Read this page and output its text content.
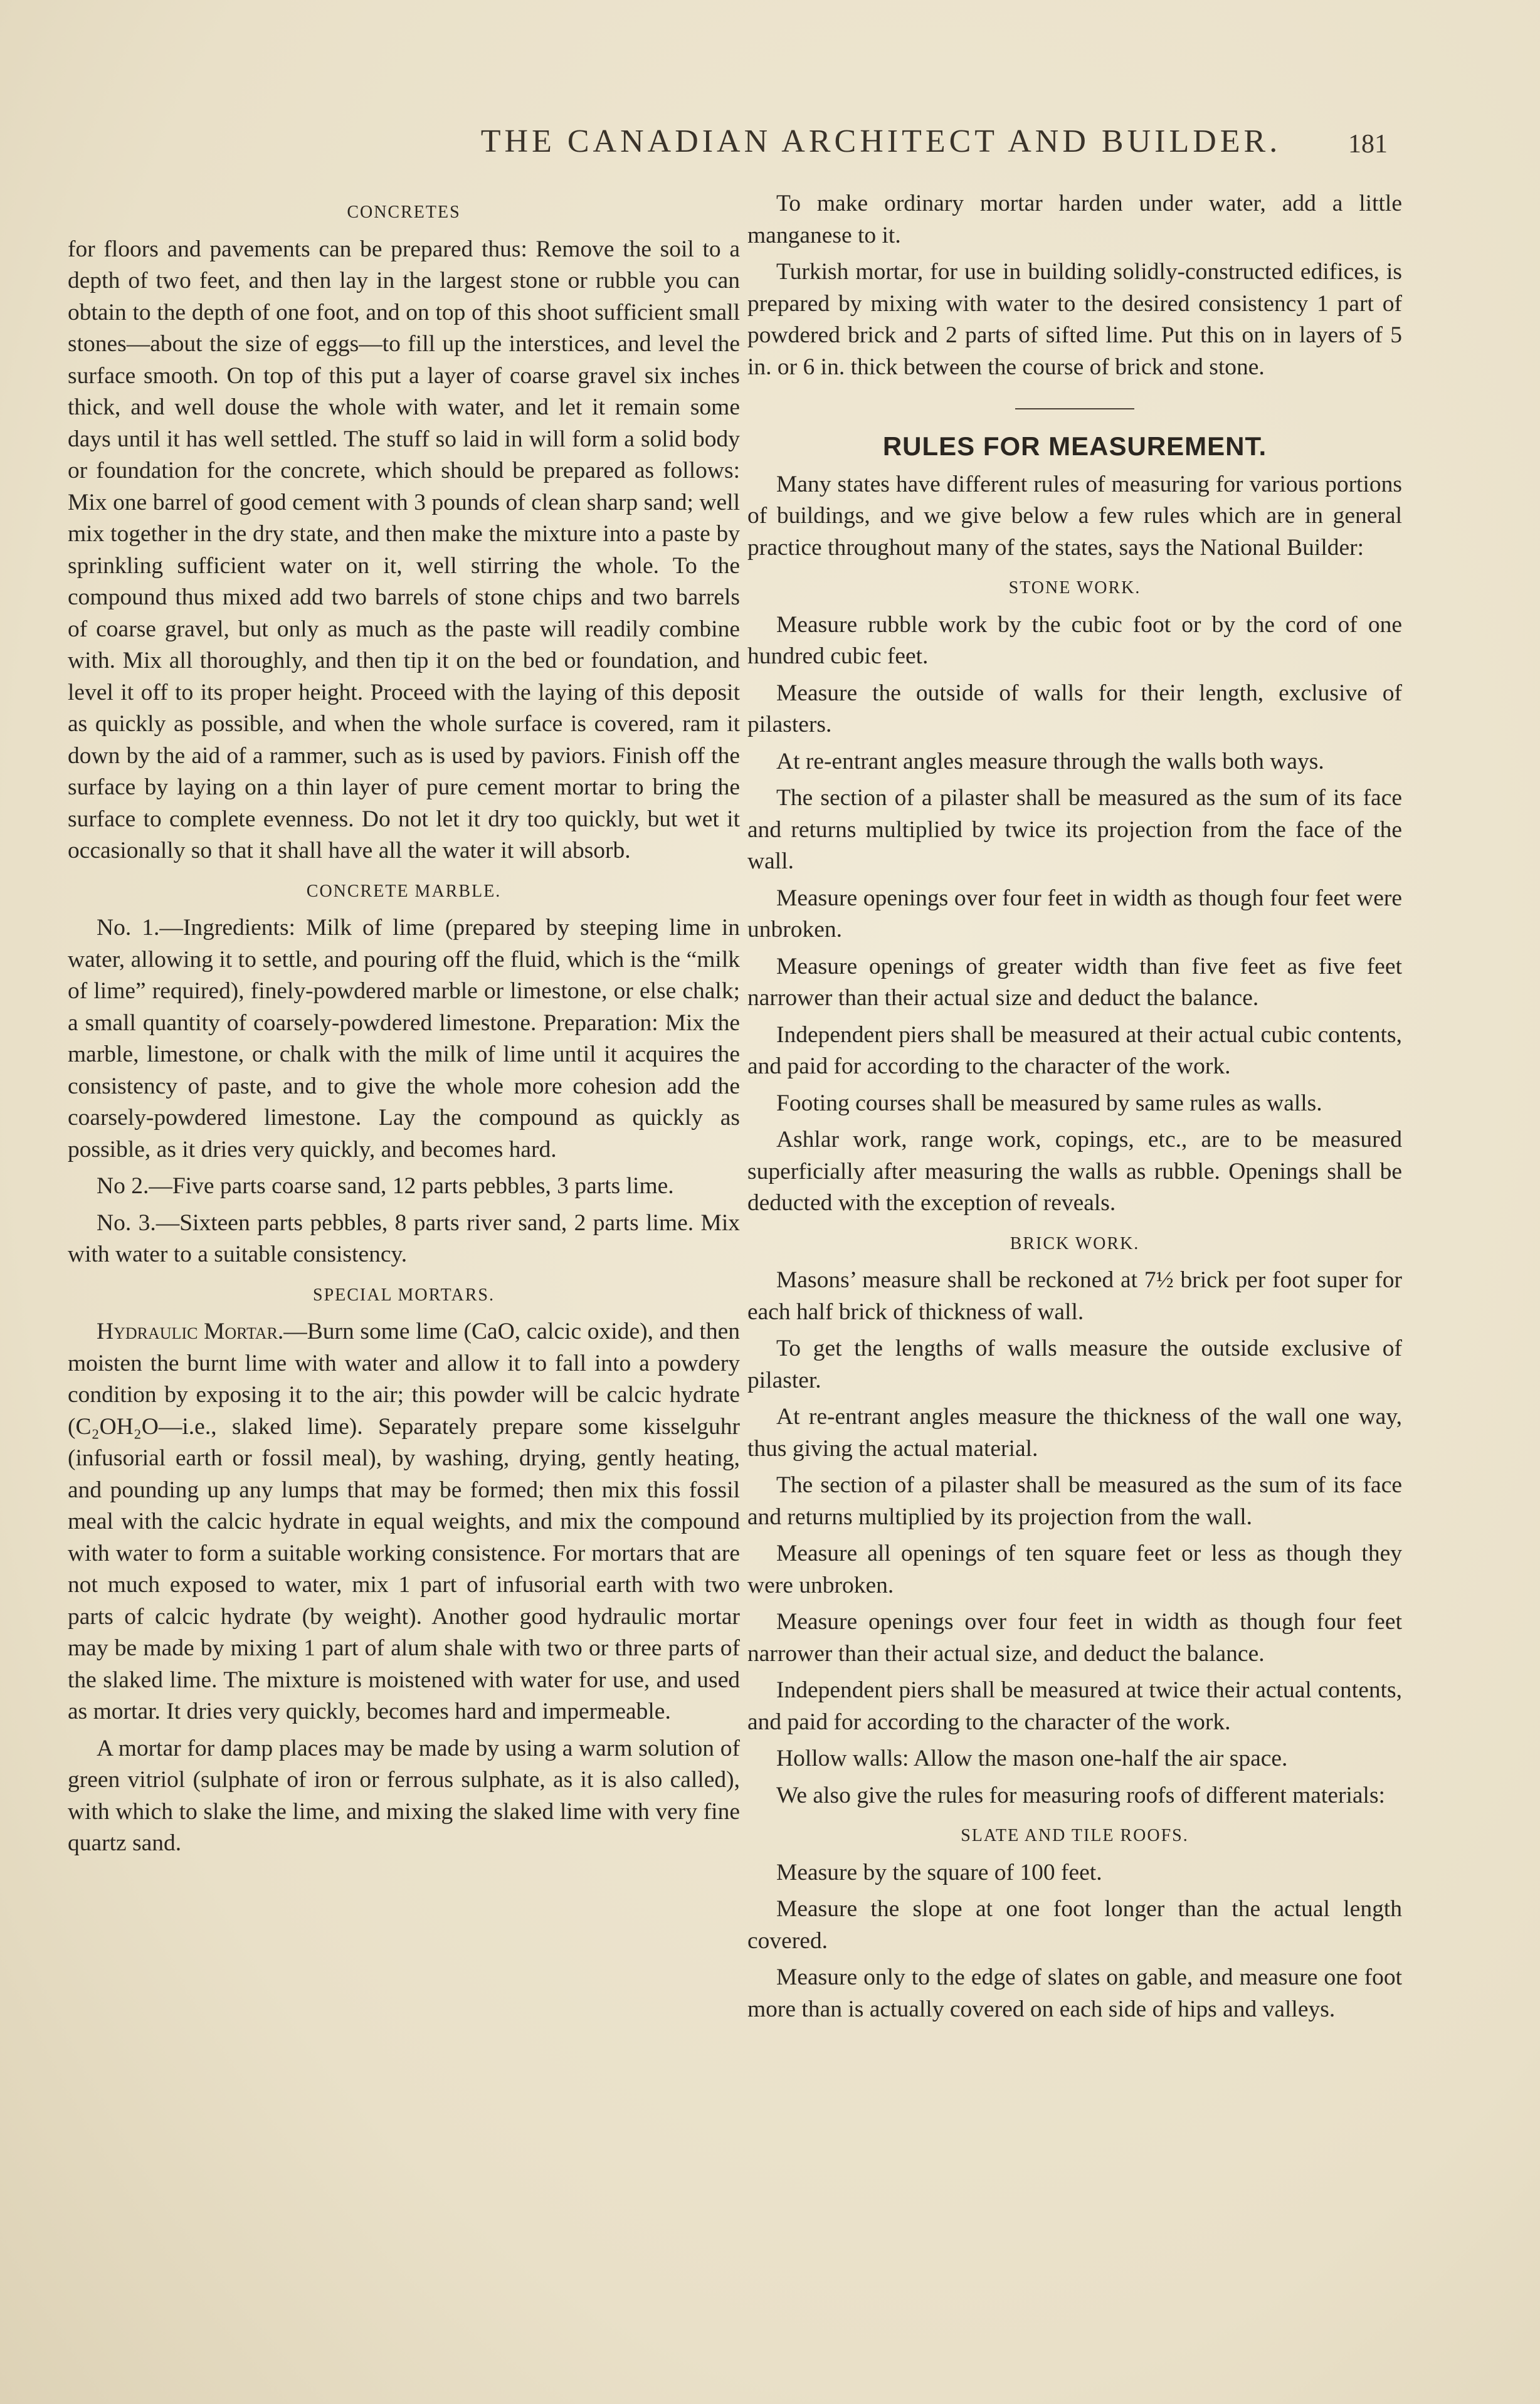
THE CANADIAN ARCHITECT AND BUILDER.	181
CONCRETES

for floors and pavements can be prepared thus: Remove the soil to a depth of two feet, and then lay in the largest stone or rubble you can obtain to the depth of one foot, and on top of this shoot sufficient small stones—about the size of eggs—to fill up the interstices, and level the surface smooth. On top of this put a layer of coarse gravel six inches thick, and well douse the whole with water, and let it remain some days until it has well settled. The stuff so laid in will form a solid body or foundation for the concrete, which should be prepared as follows: Mix one barrel of good cement with 3 pounds of clean sharp sand; well mix together in the dry state, and then make the mixture into a paste by sprinkling sufficient water on it, well stirring the whole. To the compound thus mixed add two barrels of stone chips and two barrels of coarse gravel, but only as much as the paste will readily combine with. Mix all thoroughly, and then tip it on the bed or foundation, and level it off to its proper height. Proceed with the laying of this deposit as quickly as possible, and when the whole surface is covered, ram it down by the aid of a rammer, such as is used by paviors. Finish off the surface by laying on a thin layer of pure cement mortar to bring the surface to complete evenness. Do not let it dry too quickly, but wet it occasionally so that it shall have all the water it will absorb.

CONCRETE MARBLE.

No. 1.—Ingredients: Milk of lime (prepared by steeping lime in water, allowing it to settle, and pouring off the fluid, which is the “milk of lime” required), finely-powdered marble or limestone, or else chalk; a small quantity of coarsely-powdered limestone. Preparation: Mix the marble, limestone, or chalk with the milk of lime until it acquires the consistency of paste, and to give the whole more cohesion add the coarsely-powdered limestone. Lay the compound as quickly as possible, as it dries very quickly, and becomes hard.

No 2.—Five parts coarse sand, 12 parts pebbles, 3 parts lime.

No. 3.—Sixteen parts pebbles, 8 parts river sand, 2 parts lime. Mix with water to a suitable consistency.

SPECIAL MORTARS.

Hydraulic Mortar.—Burn some lime (CaO, calcic oxide), and then moisten the burnt lime with water and allow it to fall into a powdery condition by exposing it to the air; this powder will be calcic hydrate (C₂OH₂O—i.e., slaked lime). Separately prepare some kisselguhr (infusorial earth or fossil meal), by washing, drying, gently heating, and pounding up any lumps that may be formed; then mix this fossil meal with the calcic hydrate in equal weights, and mix the compound with water to form a suitable working consistence. For mortars that are not much exposed to water, mix 1 part of infusorial earth with two parts of calcic hydrate (by weight). Another good hydraulic mortar may be made by mixing 1 part of alum shale with two or three parts of the slaked lime. The mixture is moistened with water for use, and used as mortar. It dries very quickly, becomes hard and impermeable.

A mortar for damp places may be made by using a warm solution of green vitriol (sulphate of iron or ferrous sulphate, as it is also called), with which to slake the lime, and mixing the slaked lime with very fine quartz sand.

To make ordinary mortar harden under water, add a little manganese to it.

Turkish mortar, for use in building solidly-constructed edifices, is prepared by mixing with water to the desired consistency 1 part of powdered brick and 2 parts of sifted lime. Put this on in layers of 5 in. or 6 in. thick between the course of brick and stone.

RULES FOR MEASUREMENT.

Many states have different rules of measuring for various portions of buildings, and we give below a few rules which are in general practice throughout many of the states, says the National Builder:

STONE WORK.

Measure rubble work by the cubic foot or by the cord of one hundred cubic feet.

Measure the outside of walls for their length, exclusive of pilasters.

At re-entrant angles measure through the walls both ways.

The section of a pilaster shall be measured as the sum of its face and returns multiplied by twice its projection from the face of the wall.

Measure openings over four feet in width as though four feet were unbroken.

Measure openings of greater width than five feet as five feet narrower than their actual size and deduct the balance.

Independent piers shall be measured at their actual cubic contents, and paid for according to the character of the work.

Footing courses shall be measured by same rules as walls.

Ashlar work, range work, copings, etc., are to be measured superficially after measuring the walls as rubble. Openings shall be deducted with the exception of reveals.

BRICK WORK.

Masons’ measure shall be reckoned at 7½ brick per foot super for each half brick of thickness of wall.

To get the lengths of walls measure the outside exclusive of pilaster.

At re-entrant angles measure the thickness of the wall one way, thus giving the actual material.

The section of a pilaster shall be measured as the sum of its face and returns multiplied by its projection from the wall.

Measure all openings of ten square feet or less as though they were unbroken.

Measure openings over four feet in width as though four feet narrower than their actual size, and deduct the balance.

Independent piers shall be measured at twice their actual contents, and paid for according to the character of the work.

Hollow walls: Allow the mason one-half the air space.

We also give the rules for measuring roofs of different materials:

SLATE AND TILE ROOFS.

Measure by the square of 100 feet.

Measure the slope at one foot longer than the actual length covered.

Measure only to the edge of slates on gable, and measure one foot more than is actually covered on each side of hips and valleys.
